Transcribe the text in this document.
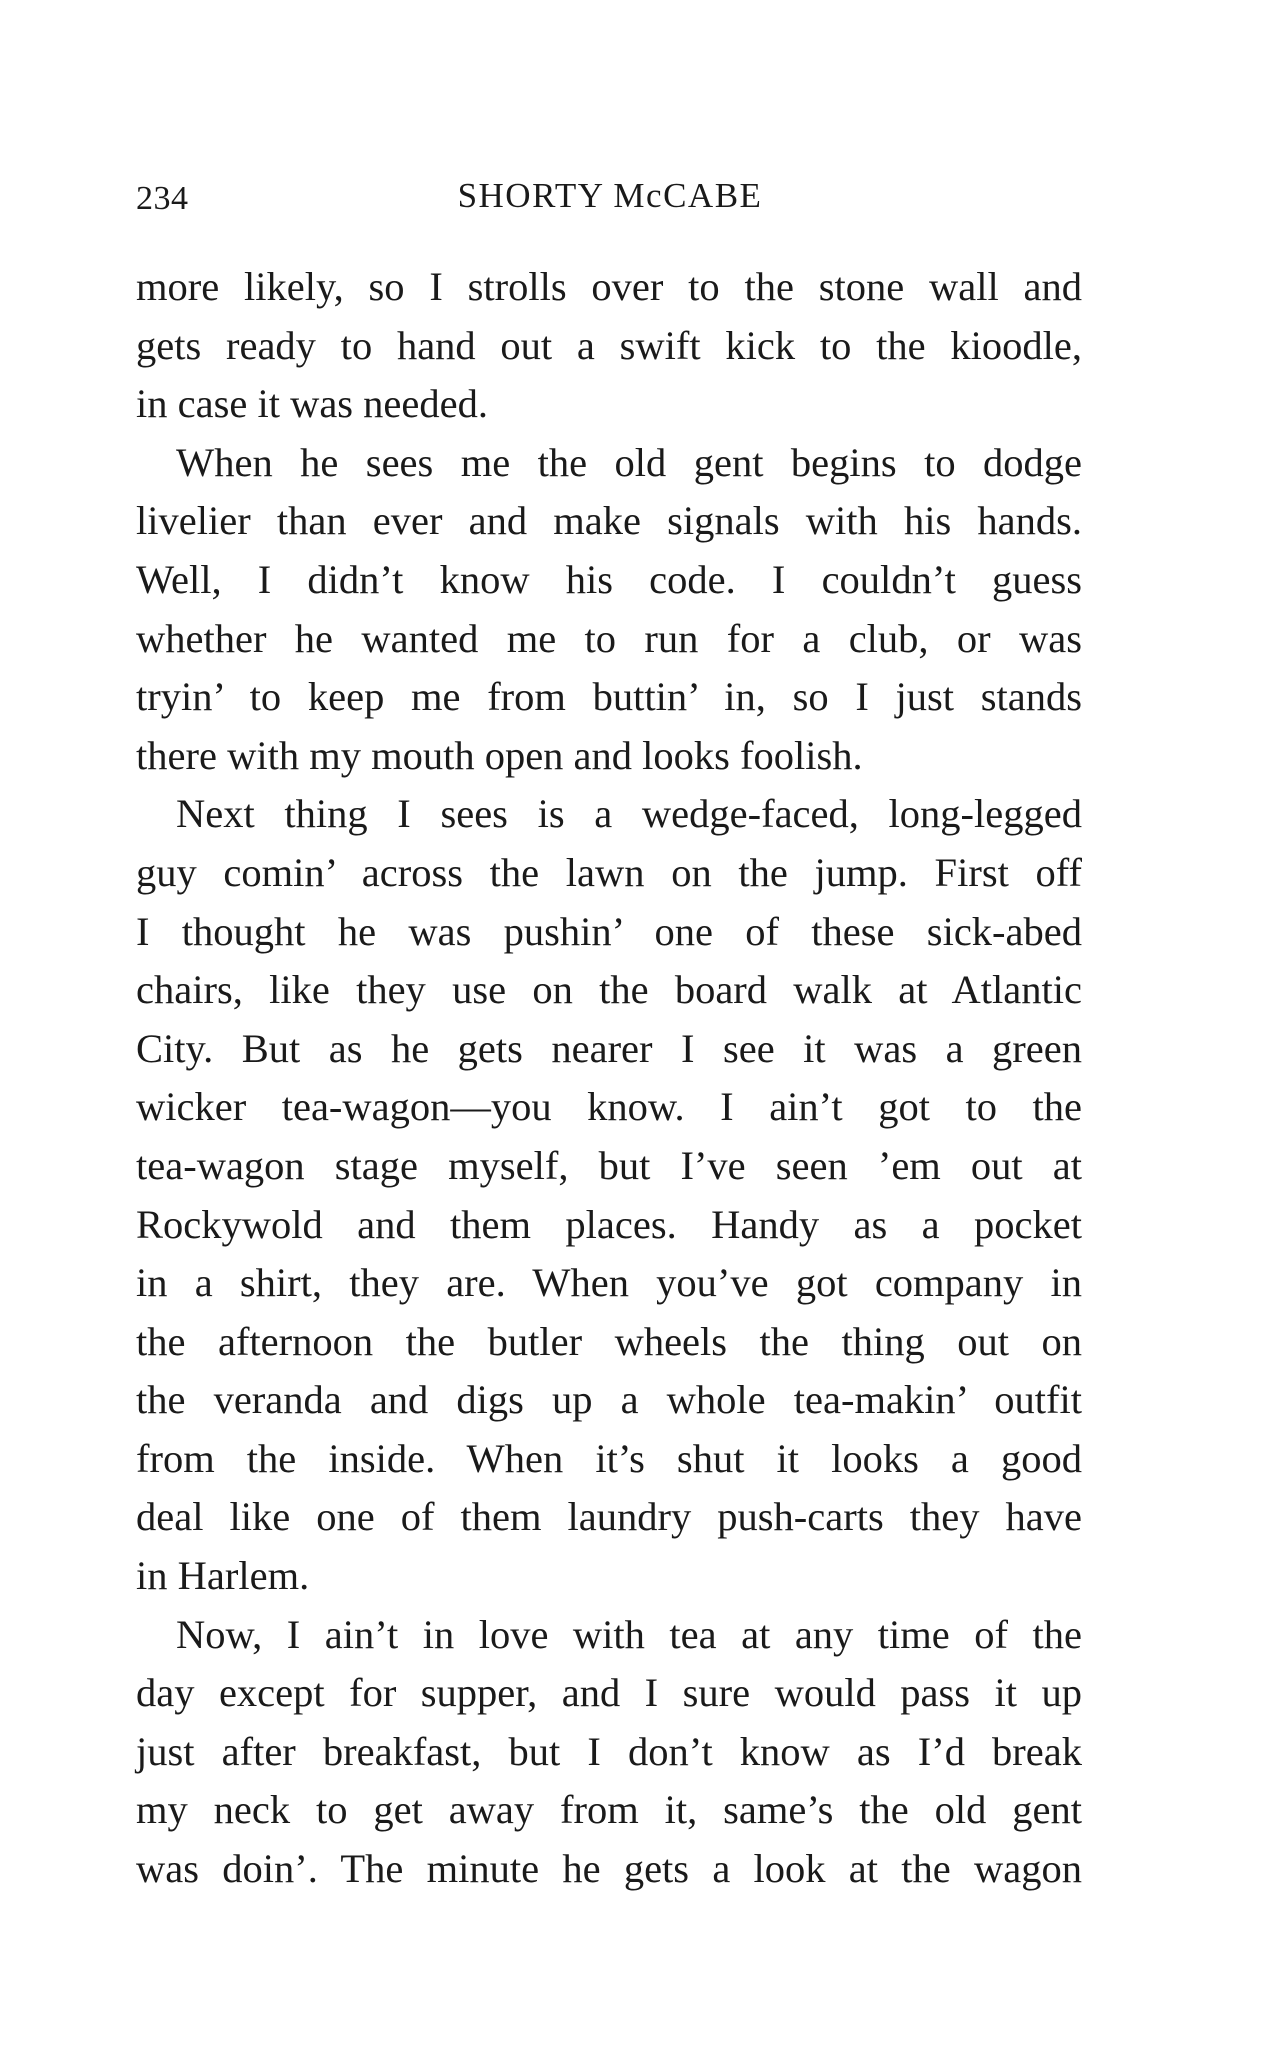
234	SHORTY McCABE
more likely, so I strolls over to the stone wall and
gets ready to hand out a swift kick to the kioodle,
in case it was needed.
When he sees me the old gent begins to dodge
livelier than ever and make signals with his hands.
Well, I didn’t know his code. I couldn’t guess
whether he wanted me to run for a club, or was
tryin’ to keep me from buttin’ in, so I just stands
there with my mouth open and looks foolish.
Next thing I sees is a wedge-faced, long-legged
guy comin’ across the lawn on the jump. First off
I thought he was pushin’ one of these sick-abed
chairs, like they use on the board walk at Atlantic
City. But as he gets nearer I see it was a green
wicker tea-wagon—you know. I ain’t got to the
tea-wagon stage myself, but I’ve seen ’em out at
Rockywold and them places. Handy as a pocket
in a shirt, they are. When you’ve got company in
the afternoon the butler wheels the thing out on
the veranda and digs up a whole tea-makin’ outfit
from the inside. When it’s shut it looks a good
deal like one of them laundry push-carts they have
in Harlem.
Now, I ain’t in love with tea at any time of the
day except for supper, and I sure would pass it up
just after breakfast, but I don’t know as I’d break
my neck to get away from it, same’s the old gent
was doin’. The minute he gets a look at the wagon
